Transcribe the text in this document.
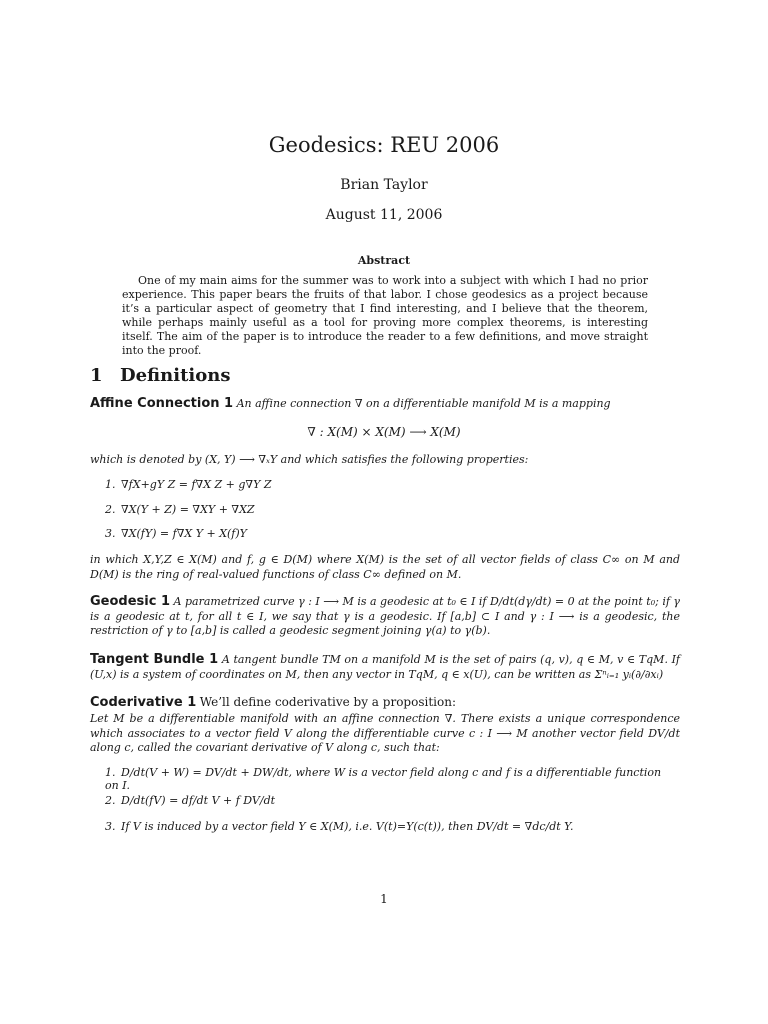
Geodesics: REU 2006
Brian Taylor
August 11, 2006
Abstract

One of my main aims for the summer was to work into a subject with which I had no prior experience. This paper bears the fruits of that labor. I chose geodesics as a project because it’s a particular aspect of geometry that I find interesting, and I believe that the theorem, while perhaps mainly useful as a tool for proving more complex theorems, is interesting itself. The aim of the paper is to introduce the reader to a few definitions, and move straight into the proof.

1 Definitions

Affine Connection 1 An affine connection ∇ on a differentiable manifold M is a mapping

∇ : X(M) × X(M) ⟶ X(M)

which is denoted by (X, Y) ⟶ ∇ₓY and which satisfies the following properties:

1. ∇fX+gY Z = f∇X Z + g∇Y Z
2. ∇X(Y + Z) = ∇XY + ∇XZ
3. ∇X(fY) = f∇X Y + X(f)Y

in which X,Y,Z ∈ X(M) and f, g ∈ D(M) where X(M) is the set of all vector fields of class C∞ on M and D(M) is the ring of real-valued functions of class C∞ defined on M.

Geodesic 1 A parametrized curve γ : I ⟶ M is a geodesic at t₀ ∈ I if D/dt(dγ/dt) = 0 at the point t₀; if γ is a geodesic at t, for all t ∈ I, we say that γ is a geodesic. If [a,b] ⊂ I and γ : I ⟶ is a geodesic, the restriction of γ to [a,b] is called a geodesic segment joining γ(a) to γ(b).

Tangent Bundle 1 A tangent bundle TM on a manifold M is the set of pairs (q, v), q ∈ M, v ∈ TqM. If (U,x) is a system of coordinates on M, then any vector in TqM, q ∈ x(U), can be written as Σⁿᵢ₌₁ yᵢ(∂/∂xᵢ)

Coderivative 1 We’ll define coderivative by a proposition:

Let M be a differentiable manifold with an affine connection ∇. There exists a unique correspondence which associates to a vector field V along the differentiable curve c : I ⟶ M another vector field DV/dt along c, called the covariant derivative of V along c, such that:

1. D/dt(V + W) = DV/dt + DW/dt, where W is a vector field along c and f is a differentiable function on I.
2. D/dt(fV) = df/dt V + f DV/dt
3. If V is induced by a vector field Y ∈ X(M), i.e. V(t)=Y(c(t)), then DV/dt = ∇dc/dt Y.
1
